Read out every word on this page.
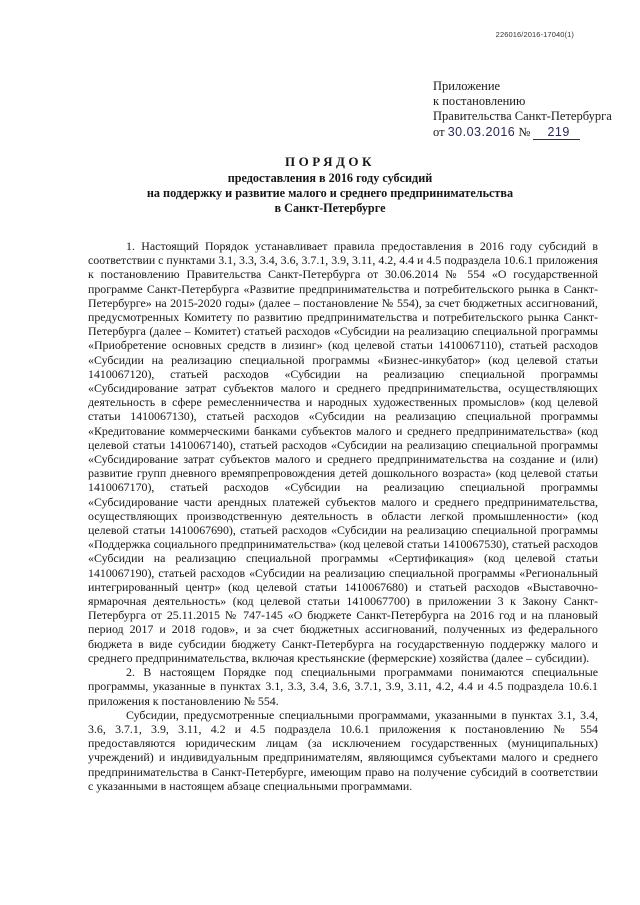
226016/2016-17040(1)
Приложение
к постановлению
Правительства Санкт-Петербурга
от 30.03.2016 № 219
ПОРЯДОК
предоставления в 2016 году субсидий
на поддержку и развитие малого и среднего предпринимательства
в Санкт-Петербурге

1. Настоящий Порядок устанавливает правила предоставления в 2016 году субсидий в соответствии с пунктами 3.1, 3.3, 3.4, 3.6, 3.7.1, 3.9, 3.11, 4.2, 4.4 и 4.5 подраздела 10.6.1 приложения к постановлению Правительства Санкт-Петербурга от 30.06.2014 № 554 «О государственной программе Санкт-Петербурга «Развитие предпринимательства и потребительского рынка в Санкт-Петербурге» на 2015-2020 годы» (далее – постановление № 554), за счет бюджетных ассигнований, предусмотренных Комитету по развитию предпринимательства и потребительского рынка Санкт-Петербурга (далее – Комитет) статьей расходов «Субсидии на реализацию специальной программы «Приобретение основных средств в лизинг» (код целевой статьи 1410067110), статьей расходов «Субсидии на реализацию специальной программы «Бизнес-инкубатор» (код целевой статьи 1410067120), статьей расходов «Субсидии на реализацию специальной программы «Субсидирование затрат субъектов малого и среднего предпринимательства, осуществляющих деятельность в сфере ремесленничества и народных художественных промыслов» (код целевой статьи 1410067130), статьей расходов «Субсидии на реализацию специальной программы «Кредитование коммерческими банками субъектов малого и среднего предпринимательства» (код целевой статьи 1410067140), статьей расходов «Субсидии на реализацию специальной программы «Субсидирование затрат субъектов малого и среднего предпринимательства на создание и (или) развитие групп дневного времяпрепровождения детей дошкольного возраста» (код целевой статьи 1410067170), статьей расходов «Субсидии на реализацию специальной программы «Субсидирование части арендных платежей субъектов малого и среднего предпринимательства, осуществляющих производственную деятельность в области легкой промышленности» (код целевой статьи 1410067690), статьей расходов «Субсидии на реализацию специальной программы «Поддержка социального предпринимательства» (код целевой статьи 1410067530), статьей расходов «Субсидии на реализацию специальной программы «Сертификация» (код целевой статьи 1410067190), статьей расходов «Субсидии на реализацию специальной программы «Региональный интегрированный центр» (код целевой статьи 1410067680) и статьей расходов «Выставочно-ярмарочная деятельность» (код целевой статьи 1410067700) в приложении 3 к Закону Санкт-Петербурга от 25.11.2015 № 747-145 «О бюджете Санкт-Петербурга на 2016 год и на плановый период 2017 и 2018 годов», и за счет бюджетных ассигнований, полученных из федерального бюджета в виде субсидии бюджету Санкт-Петербурга на государственную поддержку малого и среднего предпринимательства, включая крестьянские (фермерские) хозяйства (далее – субсидии).

2. В настоящем Порядке под специальными программами понимаются специальные программы, указанные в пунктах 3.1, 3.3, 3.4, 3.6, 3.7.1, 3.9, 3.11, 4.2, 4.4 и 4.5 подраздела 10.6.1 приложения к постановлению № 554.

Субсидии, предусмотренные специальными программами, указанными в пунктах 3.1, 3.4, 3.6, 3.7.1, 3.9, 3.11, 4.2 и 4.5 подраздела 10.6.1 приложения к постановлению № 554 предоставляются юридическим лицам (за исключением государственных (муниципальных) учреждений) и индивидуальным предпринимателям, являющимся субъектами малого и среднего предпринимательства в Санкт-Петербурге, имеющим право на получение субсидий в соответствии с указанными в настоящем абзаце специальными программами.
